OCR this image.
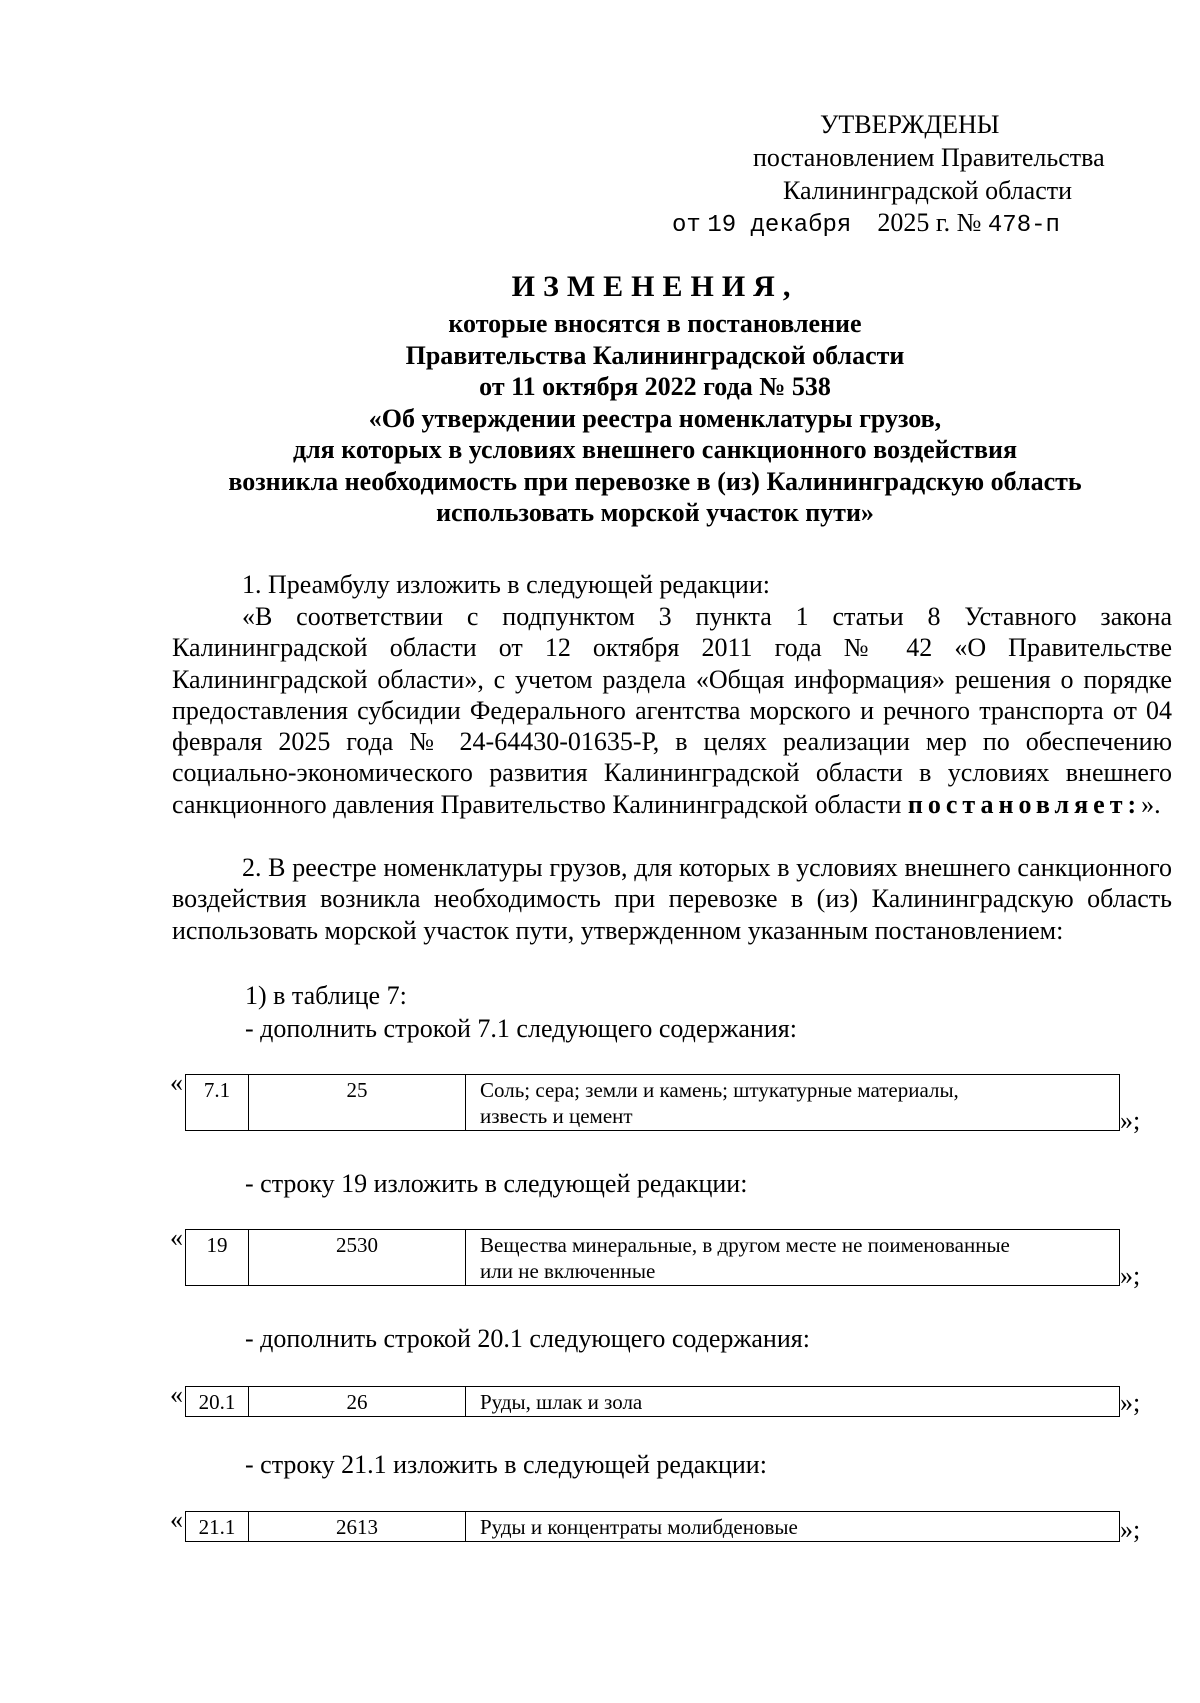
УТВЕРЖДЕНЫ
постановлением Правительства
Калининградской области
от 19 декабря 2025 г. № 478-п
ИЗМЕНЕНИЯ,
которые вносятся в постановление
Правительства Калининградской области
от 11 октября 2022 года № 538
«Об утверждении реестра номенклатуры грузов,
для которых в условиях внешнего санкционного воздействия
возникла необходимость при перевозке в (из) Калининградскую область
использовать морской участок пути»
1. Преамбулу изложить в следующей редакции:

«В соответствии с подпунктом 3 пункта 1 статьи 8 Уставного закона Калининградской области от 12 октября 2011 года № 42 «О Правительстве Калининградской области», с учетом раздела «Общая информация» решения о порядке предоставления субсидии Федерального агентства морского и речного транспорта от 04 февраля 2025 года № 24-64430-01635-Р, в целях реализации мер по обеспечению социально-экономического развития Калининградской области в условиях внешнего санкционного давления Правительство Калининградской области постановляет:».

2. В реестре номенклатуры грузов, для которых в условиях внешнего санкционного воздействия возникла необходимость при перевозке в (из) Калининградскую область использовать морской участок пути, утвержденном указанным постановлением:
1) в таблице 7:
- дополнить строкой 7.1 следующего содержания:
« 7.1	25	Соль; сера; земли и камень; штукатурные материалы,
известь и цемент	»;
- строку 19 изложить в следующей редакции:
« 19	2530	Вещества минеральные, в другом месте не поименованные
или не включенные	»;
- дополнить строкой 20.1 следующего содержания:
« 20.1	26	Руды, шлак и зола	»;
- строку 21.1 изложить в следующей редакции:
« 21.1	2613	Руды и концентраты молибденовые	»;
